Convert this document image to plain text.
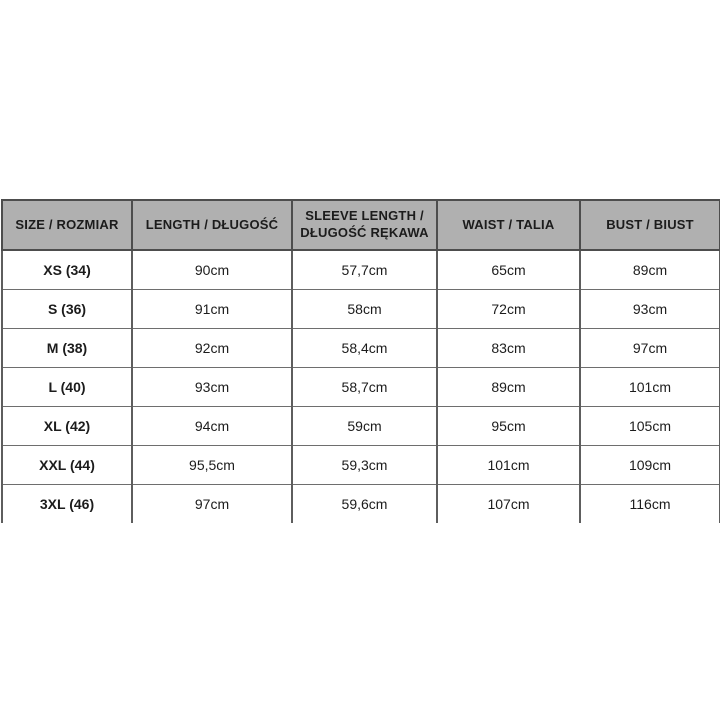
SIZE / ROZMIAR	LENGTH / DŁUGOŚĆ	SLEEVE LENGTH / DŁUGOŚĆ RĘKAWA	WAIST / TALIA	BUST / BIUST
XS (34)	90cm	57,7cm	65cm	89cm
S (36)	91cm	58cm	72cm	93cm
M (38)	92cm	58,4cm	83cm	97cm
L (40)	93cm	58,7cm	89cm	101cm
XL (42)	94cm	59cm	95cm	105cm
XXL (44)	95,5cm	59,3cm	101cm	109cm
3XL (46)	97cm	59,6cm	107cm	116cm
